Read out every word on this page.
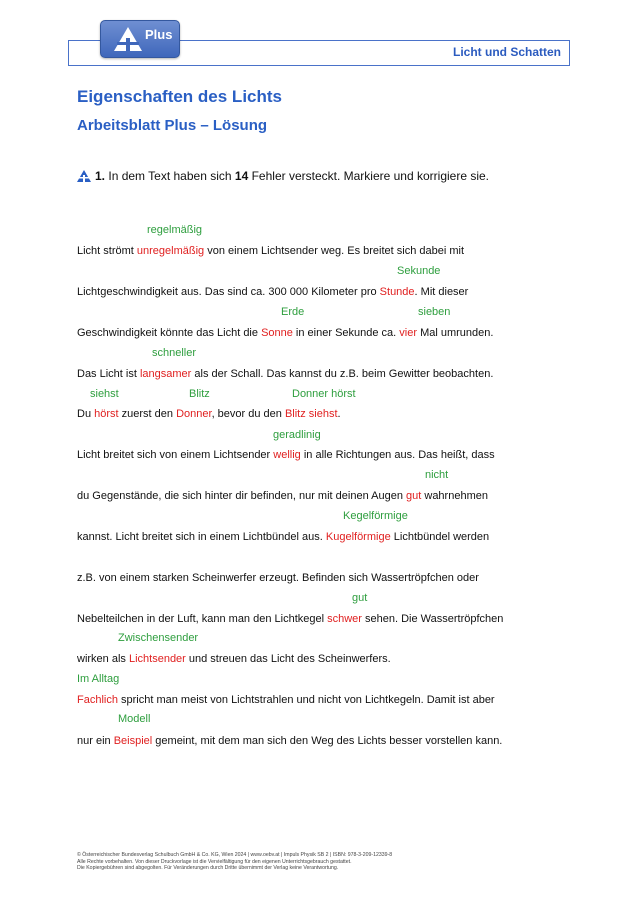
Licht und Schatten
Plus
Eigenschaften des Lichts
Arbeitsblatt Plus – Lösung
1. In dem Text haben sich 14 Fehler versteckt. Markiere und korrigiere sie.
regelmäßig
Sekunde
Erde	sieben
schneller
siehst	Blitz	Donner hörst
geradlinig
nicht
Kegelförmige
gut
Zwischensender
Im Alltag
Modell
Licht strömt unregelmäßig von einem Lichtsender weg. Es breitet sich dabei mit
Lichtgeschwindigkeit aus. Das sind ca. 300 000 Kilometer pro Stunde. Mit dieser
Geschwindigkeit könnte das Licht die Sonne in einer Sekunde ca. vier Mal umrunden.
Das Licht ist langsamer als der Schall. Das kannst du z.B. beim Gewitter beobachten.
Du hörst zuerst den Donner, bevor du den Blitz siehst.
Licht breitet sich von einem Lichtsender wellig in alle Richtungen aus. Das heißt, dass
du Gegenstände, die sich hinter dir befinden, nur mit deinen Augen gut wahrnehmen
kannst. Licht breitet sich in einem Lichtbündel aus. Kugelförmige Lichtbündel werden
z.B. von einem starken Scheinwerfer erzeugt. Befinden sich Wassertröpfchen oder
Nebelteilchen in der Luft, kann man den Lichtkegel schwer sehen. Die Wassertröpfchen
wirken als Lichtsender und streuen das Licht des Scheinwerfers.
Fachlich spricht man meist von Lichtstrahlen und nicht von Lichtkegeln. Damit ist aber
nur ein Beispiel gemeint, mit dem man sich den Weg des Lichts besser vorstellen kann.
© Österreichischer Bundesverlag Schulbuch GmbH & Co. KG, Wien 2024 | www.oebv.at | Impuls Physik SB 2 | ISBN: 978-3-209-12339-8
Alle Rechte vorbehalten. Von dieser Druckvorlage ist die Vervielfältigung für den eigenen Unterrichtsgebrauch gestattet.
Die Kopiergebühren sind abgegolten. Für Veränderungen durch Dritte übernimmt der Verlag keine Verantwortung.
